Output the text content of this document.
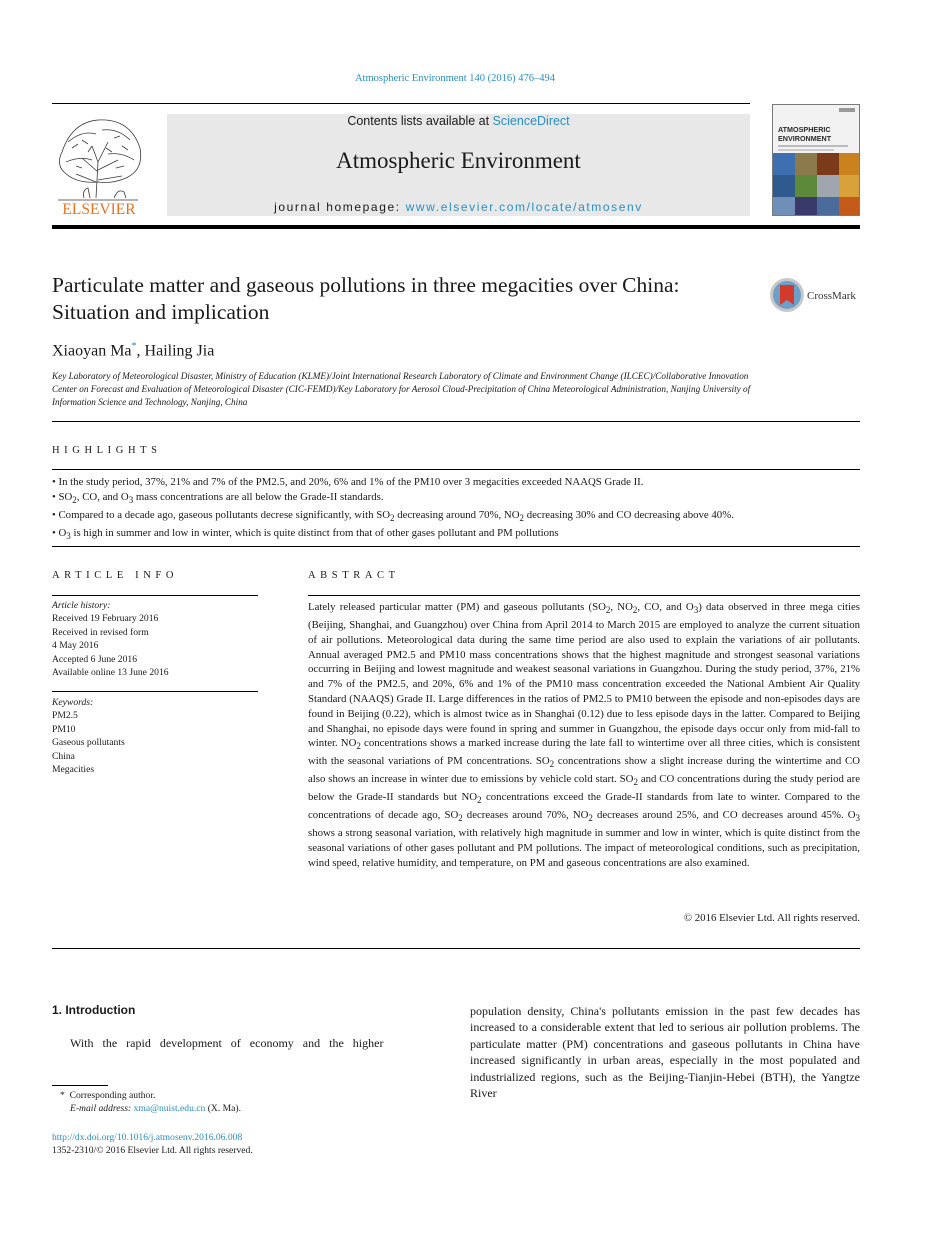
Atmospheric Environment 140 (2016) 476–494
ELSEVIER
Contents lists available at ScienceDirect
Atmospheric Environment
journal homepage: www.elsevier.com/locate/atmosenv
ATMOSPHERIC
ENVIRONMENT
Particulate matter and gaseous pollutions in three megacities over China: Situation and implication
CrossMark
Xiaoyan Ma*, Hailing Jia
Key Laboratory of Meteorological Disaster, Ministry of Education (KLME)/Joint International Research Laboratory of Climate and Environment Change (ILCEC)/Collaborative Innovation Center on Forecast and Evaluation of Meteorological Disaster (CIC-FEMD)/Key Laboratory for Aerosol Cloud-Precipitation of China Meteorological Administration, Nanjing University of Information Science and Technology, Nanjing, China
HIGHLIGHTS
• In the study period, 37%, 21% and 7% of the PM2.5, and 20%, 6% and 1% of the PM10 over 3 megacities exceeded NAAQS Grade II.
• $SO_2$, CO, and $O_3$ mass concentrations are all below the Grade-II standards.
• Compared to a decade ago, gaseous pollutants decrese significantly, with $SO_2$ decreasing around 70%, $NO_2$ decreasing 30% and CO decreasing above 40%.
• $O_3$ is high in summer and low in winter, which is quite distinct from that of other gases pollutant and PM pollutions
ARTICLE INFO
Article history:
Received 19 February 2016
Received in revised form
4 May 2016
Accepted 6 June 2016
Available online 13 June 2016
Keywords:
PM2.5
PM10
Gaseous pollutants
China
Megacities
ABSTRACT
Lately released particular matter (PM) and gaseous pollutants ($SO_2$, $NO_2$, CO, and $O_3$) data observed in three mega cities (Beijing, Shanghai, and Guangzhou) over China from April 2014 to March 2015 are employed to analyze the current situation of air pollutions. Meteorological data during the same time period are also used to explain the variations of air pollutants. Annual averaged PM2.5 and PM10 mass concentrations shows that the highest magnitude and strongest seasonal variations occurring in Beijing and lowest magnitude and weakest seasonal variations in Guangzhou. During the study period, 37%, 21% and 7% of the PM2.5, and 20%, 6% and 1% of the PM10 mass concentration exceeded the National Ambient Air Quality Standard (NAAQS) Grade II. Large differences in the ratios of PM2.5 to PM10 between the episode and non-episodes days are found in Beijing (0.22), which is almost twice as in Shanghai (0.12) due to less episode days in the latter. Compared to Beijing and Shanghai, no episode days were found in spring and summer in Guangzhou, the episode days occur only from mid-fall to winter. $NO_2$ concentrations shows a marked increase during the late fall to wintertime over all three cities, which is consistent with the seasonal variations of PM concentrations. $SO_2$ concentrations show a slight increase during the wintertime and CO also shows an increase in winter due to emissions by vehicle cold start. $SO_2$ and CO concentrations during the study period are below the Grade-II standards but $NO_2$ concentrations exceed the Grade-II standards from late to winter. Compared to the concentrations of decade ago, $SO_2$ decreases around 70%, $NO_2$ decreases around 25%, and CO decreases around 45%. $O_3$ shows a strong seasonal variation, with relatively high magnitude in summer and low in winter, which is quite distinct from the seasonal variations of other gases pollutant and PM pollutions. The impact of meteorological conditions, such as precipitation, wind speed, relative humidity, and temperature, on PM and gaseous concentrations are also examined.
© 2016 Elsevier Ltd. All rights reserved.
1. Introduction
With the rapid development of economy and the higher
population density, China's pollutants emission in the past few decades has increased to a considerable extent that led to serious air pollution problems. The particulate matter (PM) concentrations and gaseous pollutants in China have increased significantly in urban areas, especially in the most populated and industrialized regions, such as the Beijing-Tianjin-Hebei (BTH), the Yangtze River
* Corresponding author.
E-mail address: xma@nuist.edu.cn (X. Ma).
http://dx.doi.org/10.1016/j.atmosenv.2016.06.008
1352-2310/© 2016 Elsevier Ltd. All rights reserved.
